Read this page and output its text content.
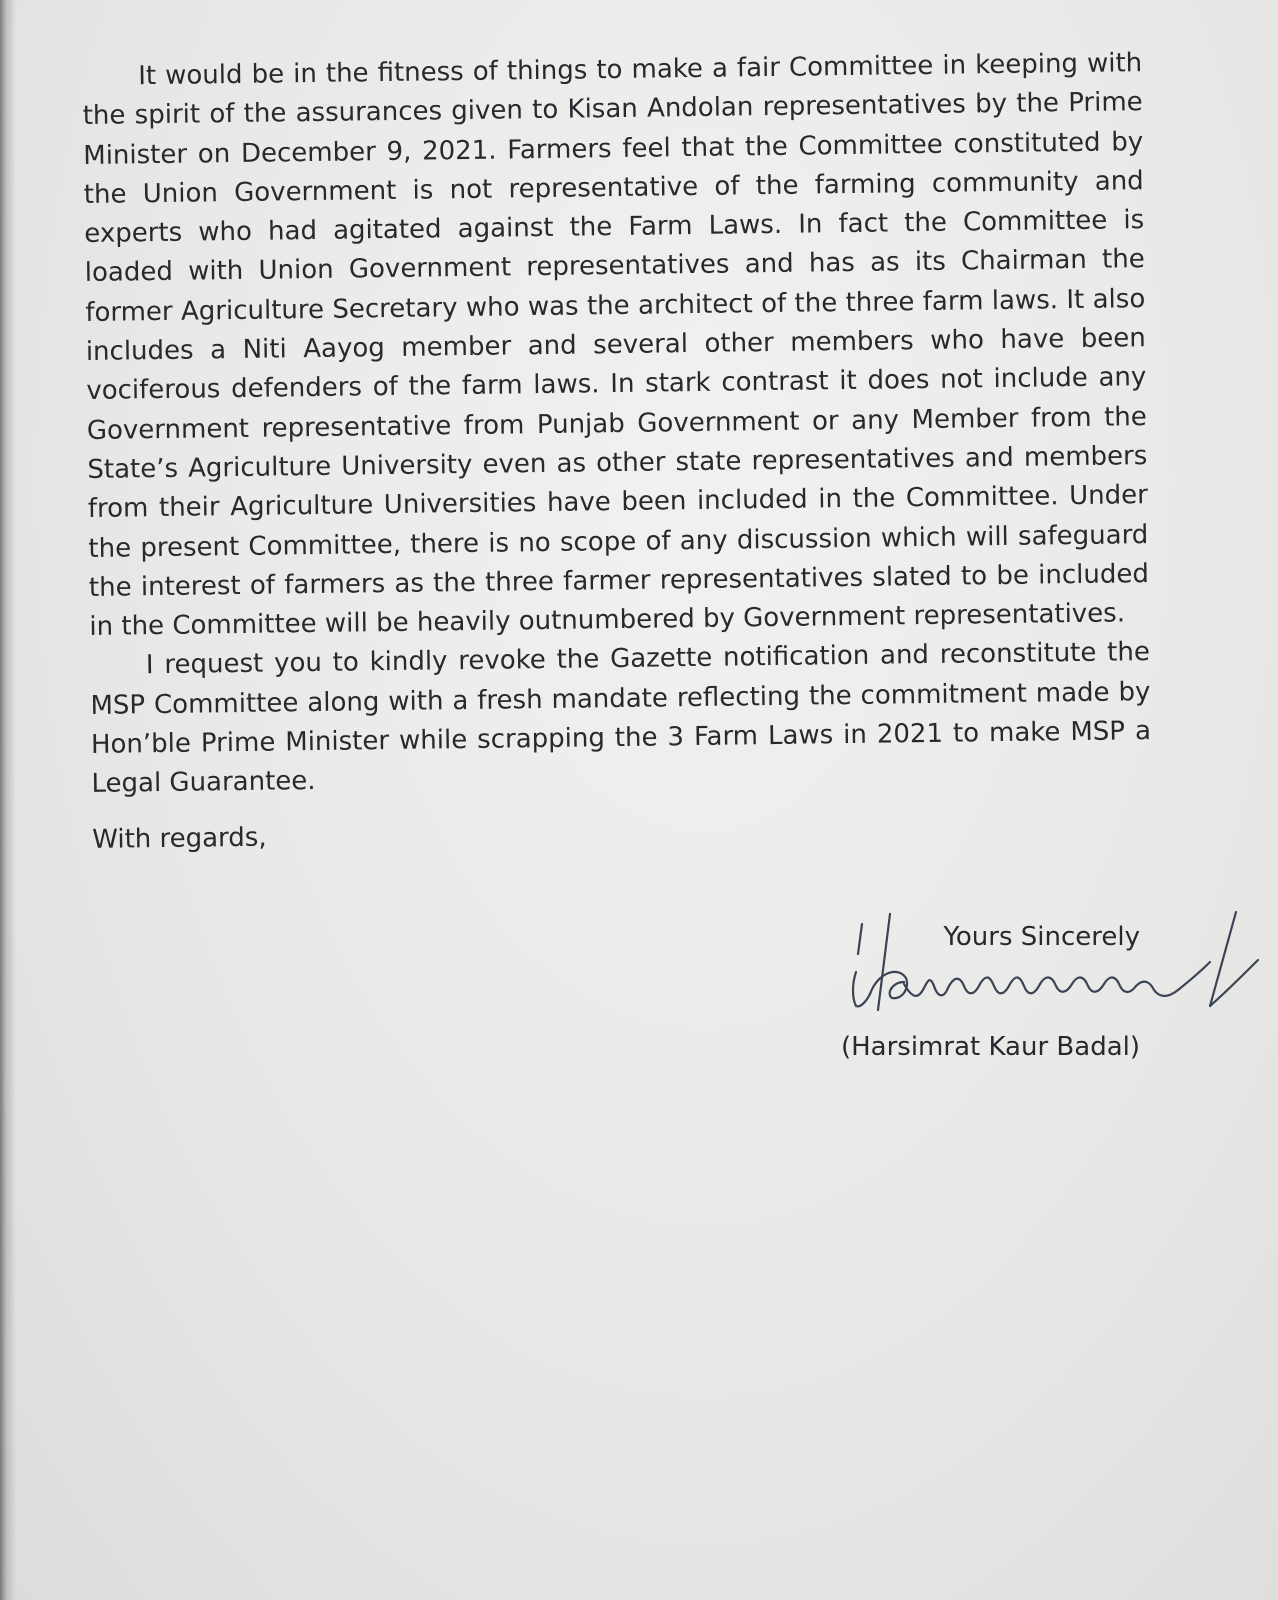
It would be in the fitness of things to make a fair Committee in keeping with the spirit of the assurances given to Kisan Andolan representatives by the Prime Minister on December 9, 2021. Farmers feel that the Committee constituted by the Union Government is not representative of the farming community and experts who had agitated against the Farm Laws. In fact the Committee is loaded with Union Government representatives and has as its Chairman the former Agriculture Secretary who was the architect of the three farm laws. It also includes a Niti Aayog member and several other members who have been vociferous defenders of the farm laws. In stark contrast it does not include any Government representative from Punjab Government or any Member from the State’s Agriculture University even as other state representatives and members from their Agriculture Universities have been included in the Committee. Under the present Committee, there is no scope of any discussion which will safeguard the interest of farmers as the three farmer representatives slated to be included in the Committee will be heavily outnumbered by Government representatives.

I request you to kindly revoke the Gazette notification and reconstitute the MSP Committee along with a fresh mandate reflecting the commitment made by Hon’ble Prime Minister while scrapping the 3 Farm Laws in 2021 to make MSP a Legal Guarantee.

With regards,

Yours Sincerely
(Harsimrat Kaur Badal)
